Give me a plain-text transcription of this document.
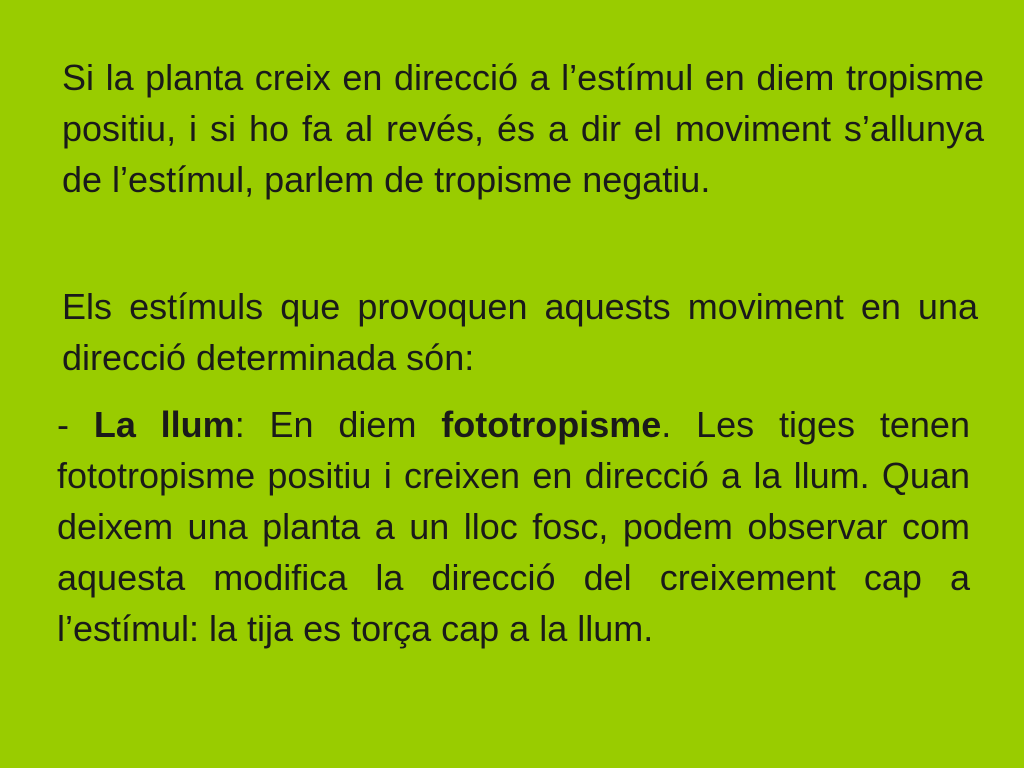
Si la planta creix en direcció a l’estímul en diem tropisme positiu, i si ho fa al revés, és a dir el moviment s’allunya de l’estímul, parlem de tropisme negatiu.

Els estímuls que provoquen aquests moviment en una direcció determinada són:

- La llum: En diem fototropisme. Les tiges tenen fototropisme positiu i creixen en direcció a la llum. Quan deixem una planta a un lloc fosc, podem observar com aquesta modifica la direcció del creixement cap a l’estímul: la tija es torça cap a la llum.
